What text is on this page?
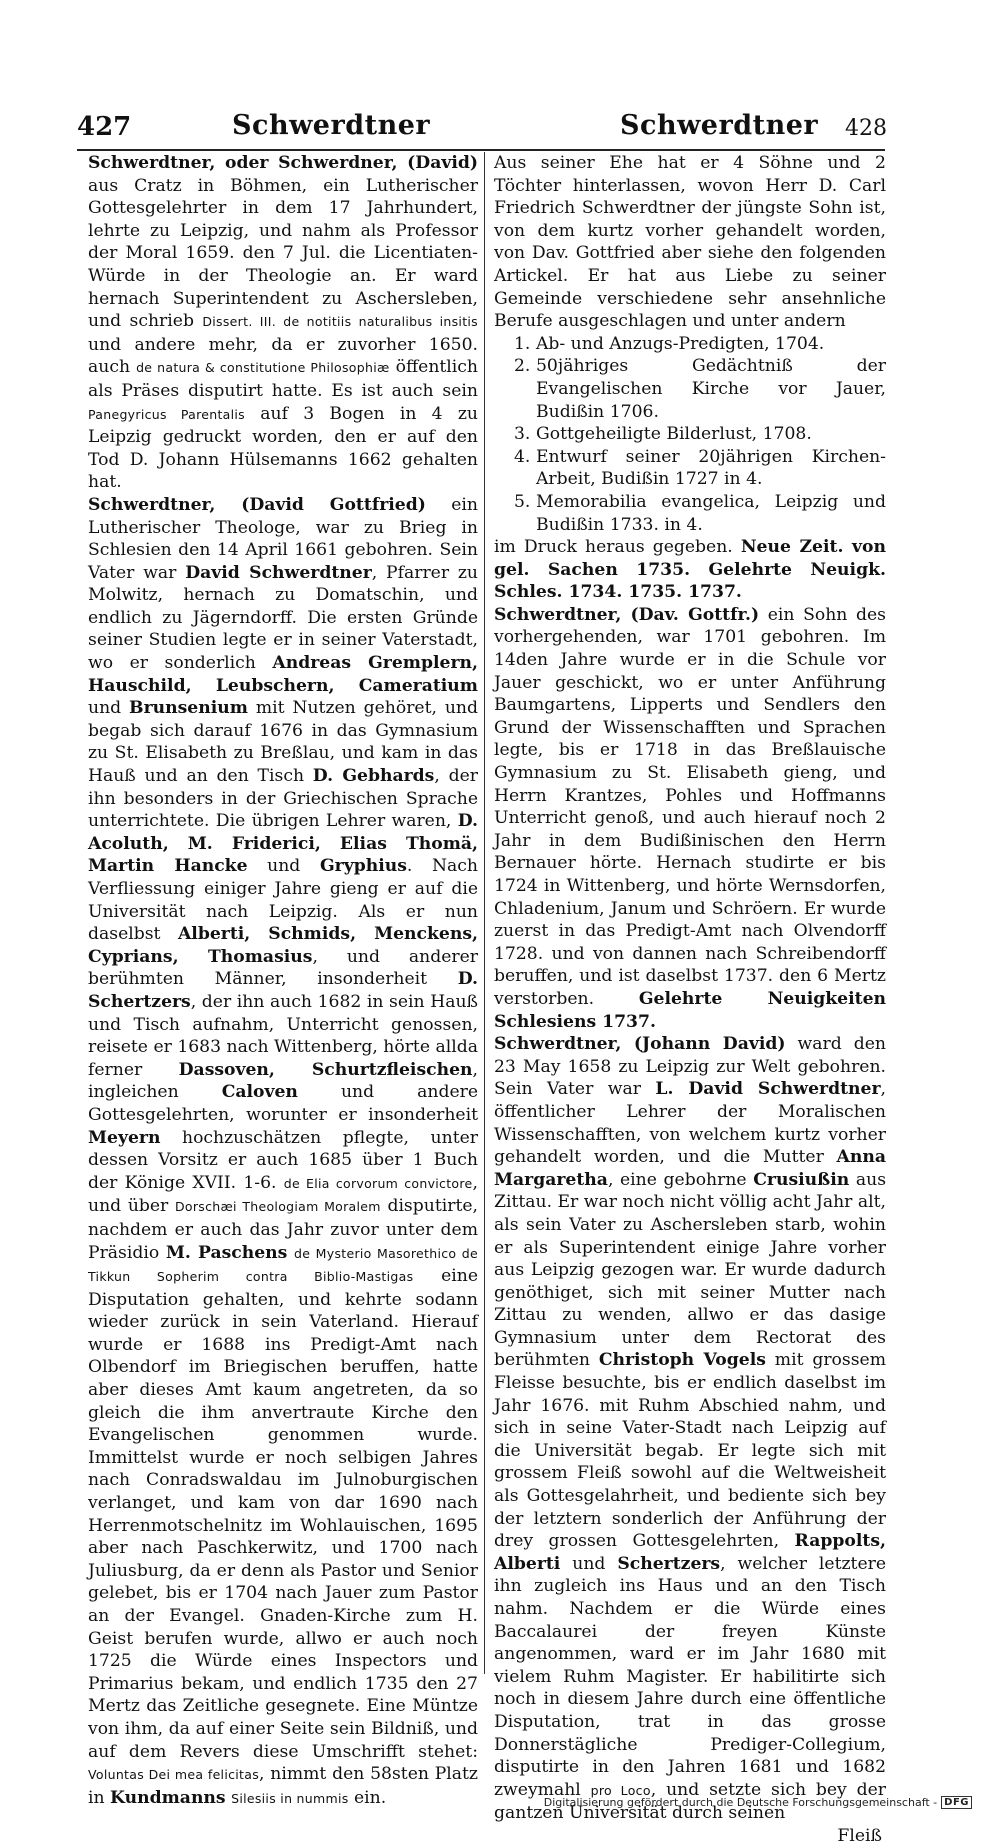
427	Schwerdtner	Schwerdtner 428

Schwerdtner, oder Schwerdner, (David) aus Cratz in Böhmen, ein Lutherischer Gottesgelehrter in dem 17 Jahrhundert, lehrte zu Leipzig, und nahm als Professor der Moral 1659. den 7 Jul. die Licentiaten-Würde in der Theologie an. Er ward hernach Superintendent zu Aschersleben, und schrieb Dissert. III. de notitiis naturalibus insitis und andere mehr, da er zuvorher 1650. auch de natura & constitutione Philosophiæ öffentlich als Präses disputirt hatte. Es ist auch sein Panegyricus Parentalis auf 3 Bogen in 4 zu Leipzig gedruckt worden, den er auf den Tod D. Johann Hülsemanns 1662 gehalten hat.

Schwerdtner, (David Gottfried) ein Lutherischer Theologe, war zu Brieg in Schlesien den 14 April 1661 gebohren. Sein Vater war David Schwerdtner, Pfarrer zu Molwitz, hernach zu Domatschin, und endlich zu Jägerndorff. Die ersten Gründe seiner Studien legte er in seiner Vaterstadt, wo er sonderlich Andreas Gremplern, Hauschild, Leubschern, Cameratium und Brunsenium mit Nutzen gehöret, und begab sich darauf 1676 in das Gymnasium zu St. Elisabeth zu Breßlau, und kam in das Hauß und an den Tisch D. Gebhards, der ihn besonders in der Griechischen Sprache unterrichtete. Die übrigen Lehrer waren, D. Acoluth, M. Friderici, Elias Thomä, Martin Hancke und Gryphius. Nach Verfliessung einiger Jahre gieng er auf die Universität nach Leipzig. Als er nun daselbst Alberti, Schmids, Menckens, Cyprians, Thomasius, und anderer berühmten Männer, insonderheit D. Schertzers, der ihn auch 1682 in sein Hauß und Tisch aufnahm, Unterricht genossen, reisete er 1683 nach Wittenberg, hörte allda ferner Dassoven, Schurtzfleischen, ingleichen	Caloven	und andere Gottesgelehrten, worunter er insonderheit Meyern hochzuschätzen pflegte, unter dessen Vorsitz er auch 1685 über 1 Buch der Könige XVII. 1-6. de Elia corvorum convictore, und über Dorschæi Theologiam Moralem disputirte, nachdem er auch das Jahr zuvor unter dem Präsidio M. Paschens de Mysterio Masorethico de Tikkun Sopherim contra Biblio-Mastigas eine Disputation gehalten, und kehrte sodann wieder zurück in sein Vaterland. Hierauf wurde er 1688 ins Predigt-Amt nach Olbendorf im Briegischen beruffen, hatte aber dieses Amt kaum angetreten, da so gleich die ihm anvertraute Kirche den Evangelischen genommen wurde. Immittelst wurde er noch selbigen Jahres nach Conradswaldau im Julnoburgischen verlanget, und kam von dar 1690 nach Herrenmotschelnitz im Wohlauischen, 1695 aber nach Paschkerwitz, und 1700 nach Juliusburg, da er denn als Pastor und Senior gelebet, bis er 1704 nach Jauer zum Pastor an der Evangel. Gnaden-Kirche zum H. Geist berufen wurde, allwo er auch noch 1725 die Würde eines Inspectors und Primarius bekam, und endlich 1735 den 27 Mertz das Zeitliche gesegnete. Eine Müntze von ihm, da auf einer Seite sein Bildniß, und auf dem Revers diese Umschrifft stehet: Voluntas Dei mea felicitas, nimmt den 58sten Platz in Kundmanns Silesiis in nummis ein.

Aus seiner Ehe hat er 4 Söhne und 2 Töchter hinterlassen, wovon Herr D. Carl Friedrich Schwerdtner der jüngste Sohn ist, von dem kurtz vorher gehandelt worden, von Dav. Gottfried aber siehe den folgenden Artickel. Er hat aus Liebe zu seiner Gemeinde verschiedene sehr ansehnliche Berufe ausgeschlagen und unter andern

1. Ab- und Anzugs-Predigten, 1704.
2. 50jähriges Gedächtniß der Evangelischen Kirche vor Jauer, Budißin 1706.
3. Gottgeheiligte Bilderlust, 1708.
4. Entwurf seiner 20jährigen Kirchen-Arbeit, Budißin 1727 in 4.
5. Memorabilia evangelica, Leipzig und Budißin 1733. in 4.

im Druck heraus gegeben. Neue Zeit. von gel. Sachen 1735. Gelehrte Neuigk. Schles. 1734. 1735. 1737.

Schwerdtner, (Dav. Gottfr.) ein Sohn des vorhergehenden, war 1701 gebohren. Im 14den Jahre wurde er in die Schule vor Jauer geschickt, wo er unter Anführung Baumgartens, Lipperts und Sendlers den Grund der Wissenschafften und Sprachen legte, bis er 1718 in das Breßlauische Gymnasium zu St. Elisabeth gieng, und Herrn Krantzes, Pohles und Hoffmanns Unterricht genoß, und auch hierauf noch 2 Jahr in dem Budißinischen den Herrn Bernauer hörte. Hernach studirte er bis 1724 in Wittenberg, und hörte Wernsdorfen, Chladenium, Janum und Schröern. Er wurde zuerst in das Predigt-Amt nach Olvendorff 1728. und von dannen nach Schreibendorff beruffen, und ist daselbst 1737. den 6 Mertz verstorben.	Gelehrte Neuigkeiten Schlesiens 1737.

Schwerdtner, (Johann David) ward den 23 May 1658 zu Leipzig zur Welt gebohren. Sein Vater war L. David Schwerdtner, öffentlicher Lehrer der Moralischen Wissenschafften, von welchem kurtz vorher gehandelt worden, und die Mutter Anna Margaretha, eine gebohrne Crusiußin aus Zittau. Er war noch nicht völlig acht Jahr alt, als sein Vater zu Aschersleben starb, wohin er als Superintendent einige Jahre vorher aus Leipzig gezogen war. Er wurde dadurch genöthiget, sich mit seiner Mutter nach Zittau zu wenden, allwo er das dasige Gymnasium unter dem Rectorat des berühmten Christoph Vogels mit grossem Fleisse besuchte, bis er endlich daselbst im Jahr 1676. mit Ruhm Abschied nahm, und sich in seine Vater-Stadt nach Leipzig auf die Universität begab. Er legte sich mit grossem Fleiß sowohl auf die Weltweisheit als Gottesgelahrheit, und bediente sich bey der letztern sonderlich der Anführung der drey grossen Gottesgelehrten, Rappolts, Alberti und Schertzers, welcher letztere ihn zugleich ins Haus und an den Tisch nahm. Nachdem er die Würde eines Baccalaurei der freyen Künste angenommen, ward er im Jahr 1680 mit vielem Ruhm Magister. Er habilitirte sich noch in diesem Jahre durch eine öffentliche Disputation, trat in das grosse Donnerstägliche Prediger-Collegium, disputirte in den Jahren 1681 und 1682 zweymahl pro Loco, und setzte sich bey der gantzen Universität durch seinen

Fleiß

Digitalisierung gefördert durch die Deutsche Forschungsgemeinschaft - DFG
